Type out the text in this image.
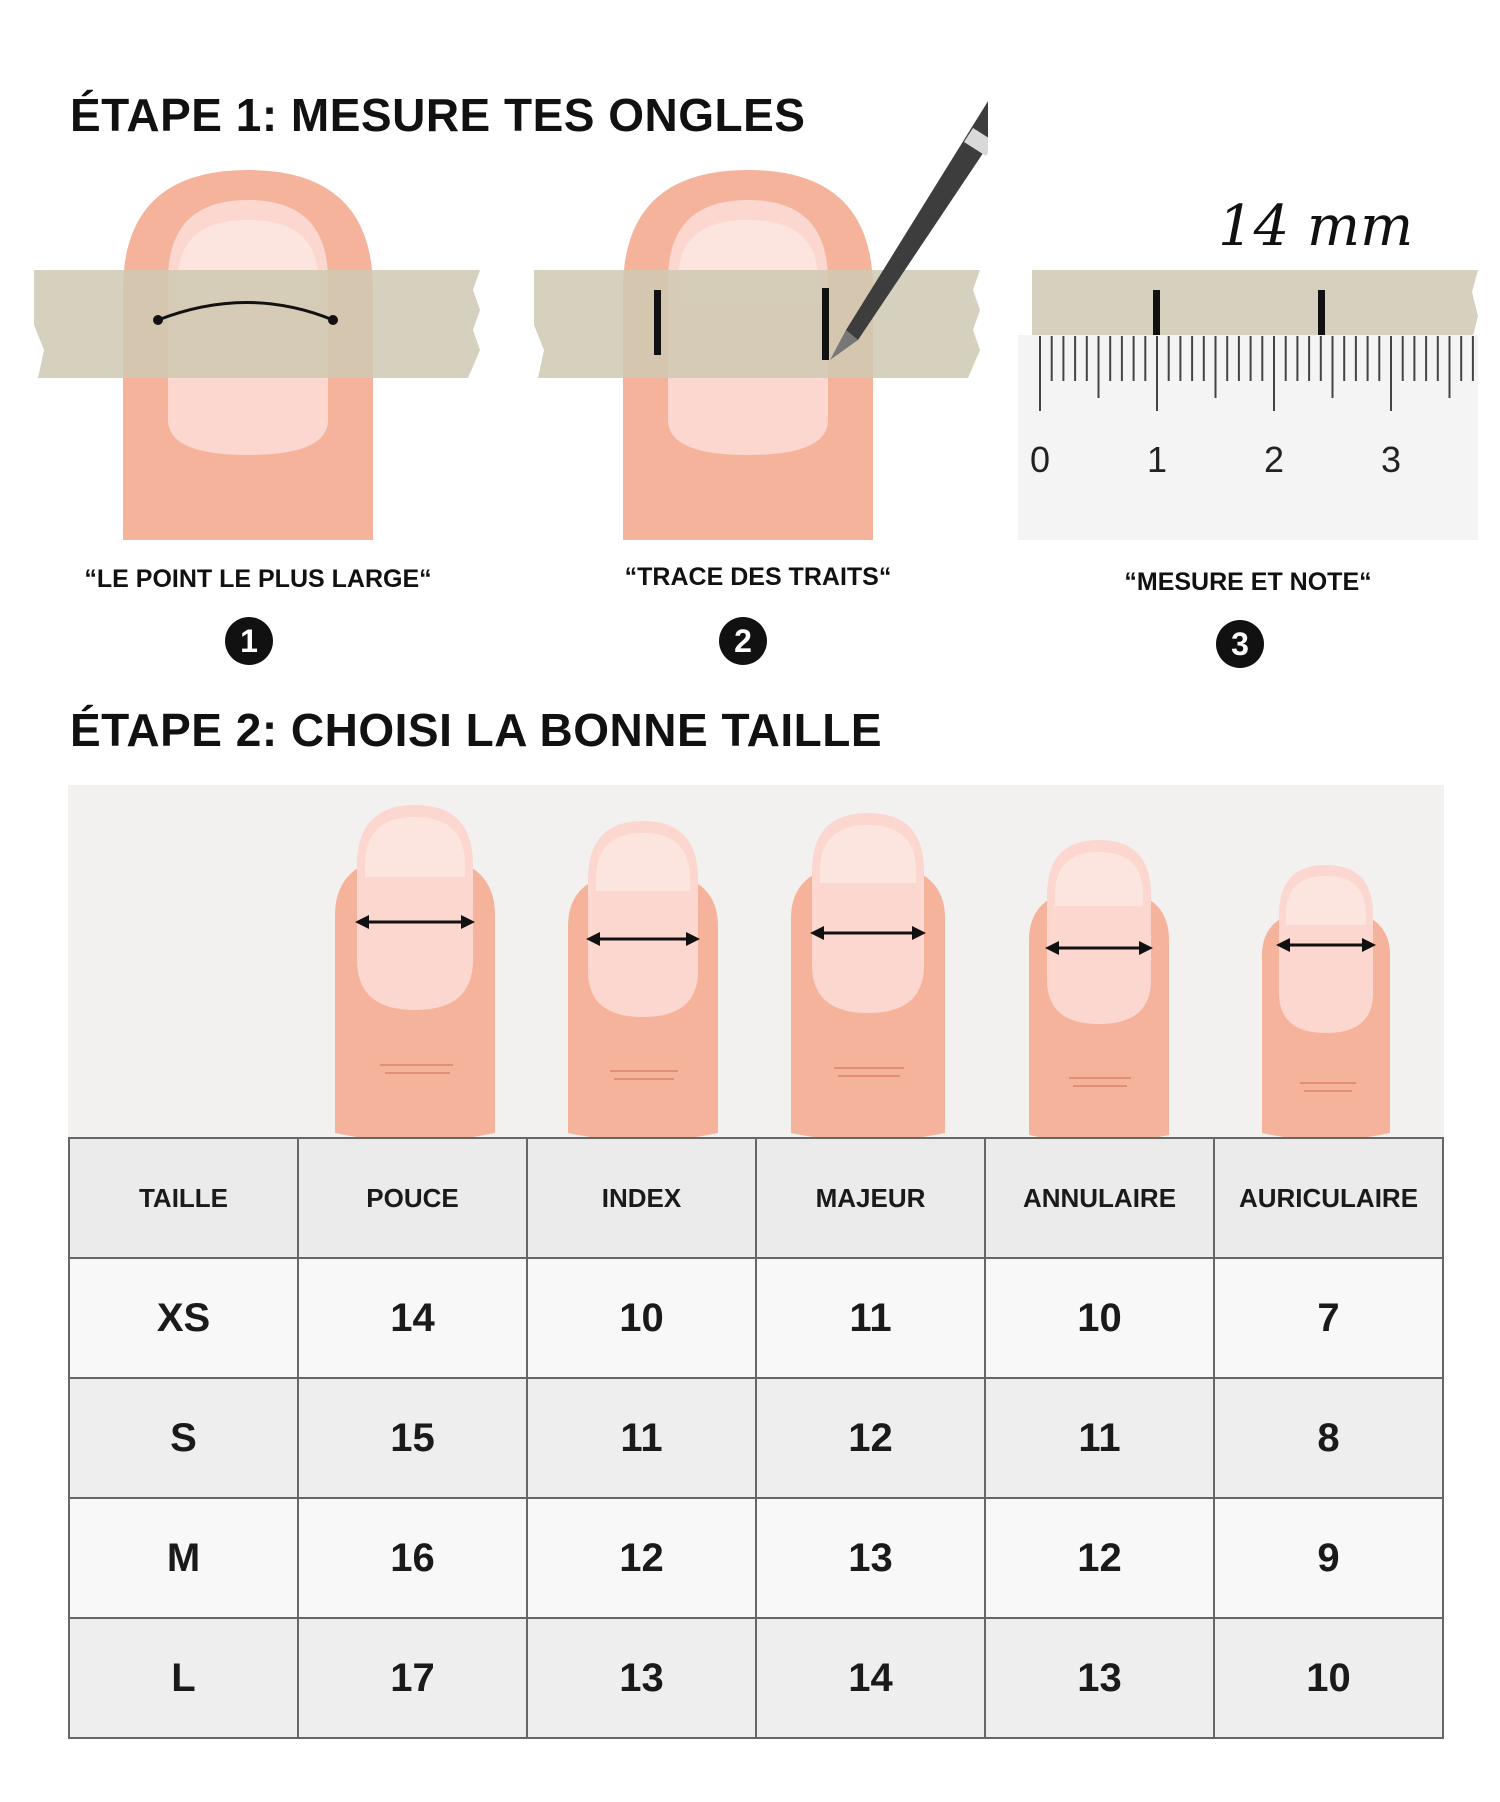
ÉTAPE 1: MESURE TES ONGLES
14 mm
0	1	2	3
“LE POINT LE PLUS LARGE“	“TRACE DES TRAITS“	“MESURE ET NOTE“
1	2	3
ÉTAPE 2: CHOISI LA BONNE TAILLE
TAILLE	POUCE	INDEX	MAJEUR	ANNULAIRE	AURICULAIRE
XS	14	10	11	10	7
S	15	11	12	11	8
M	16	12	13	12	9
L	17	13	14	13	10
